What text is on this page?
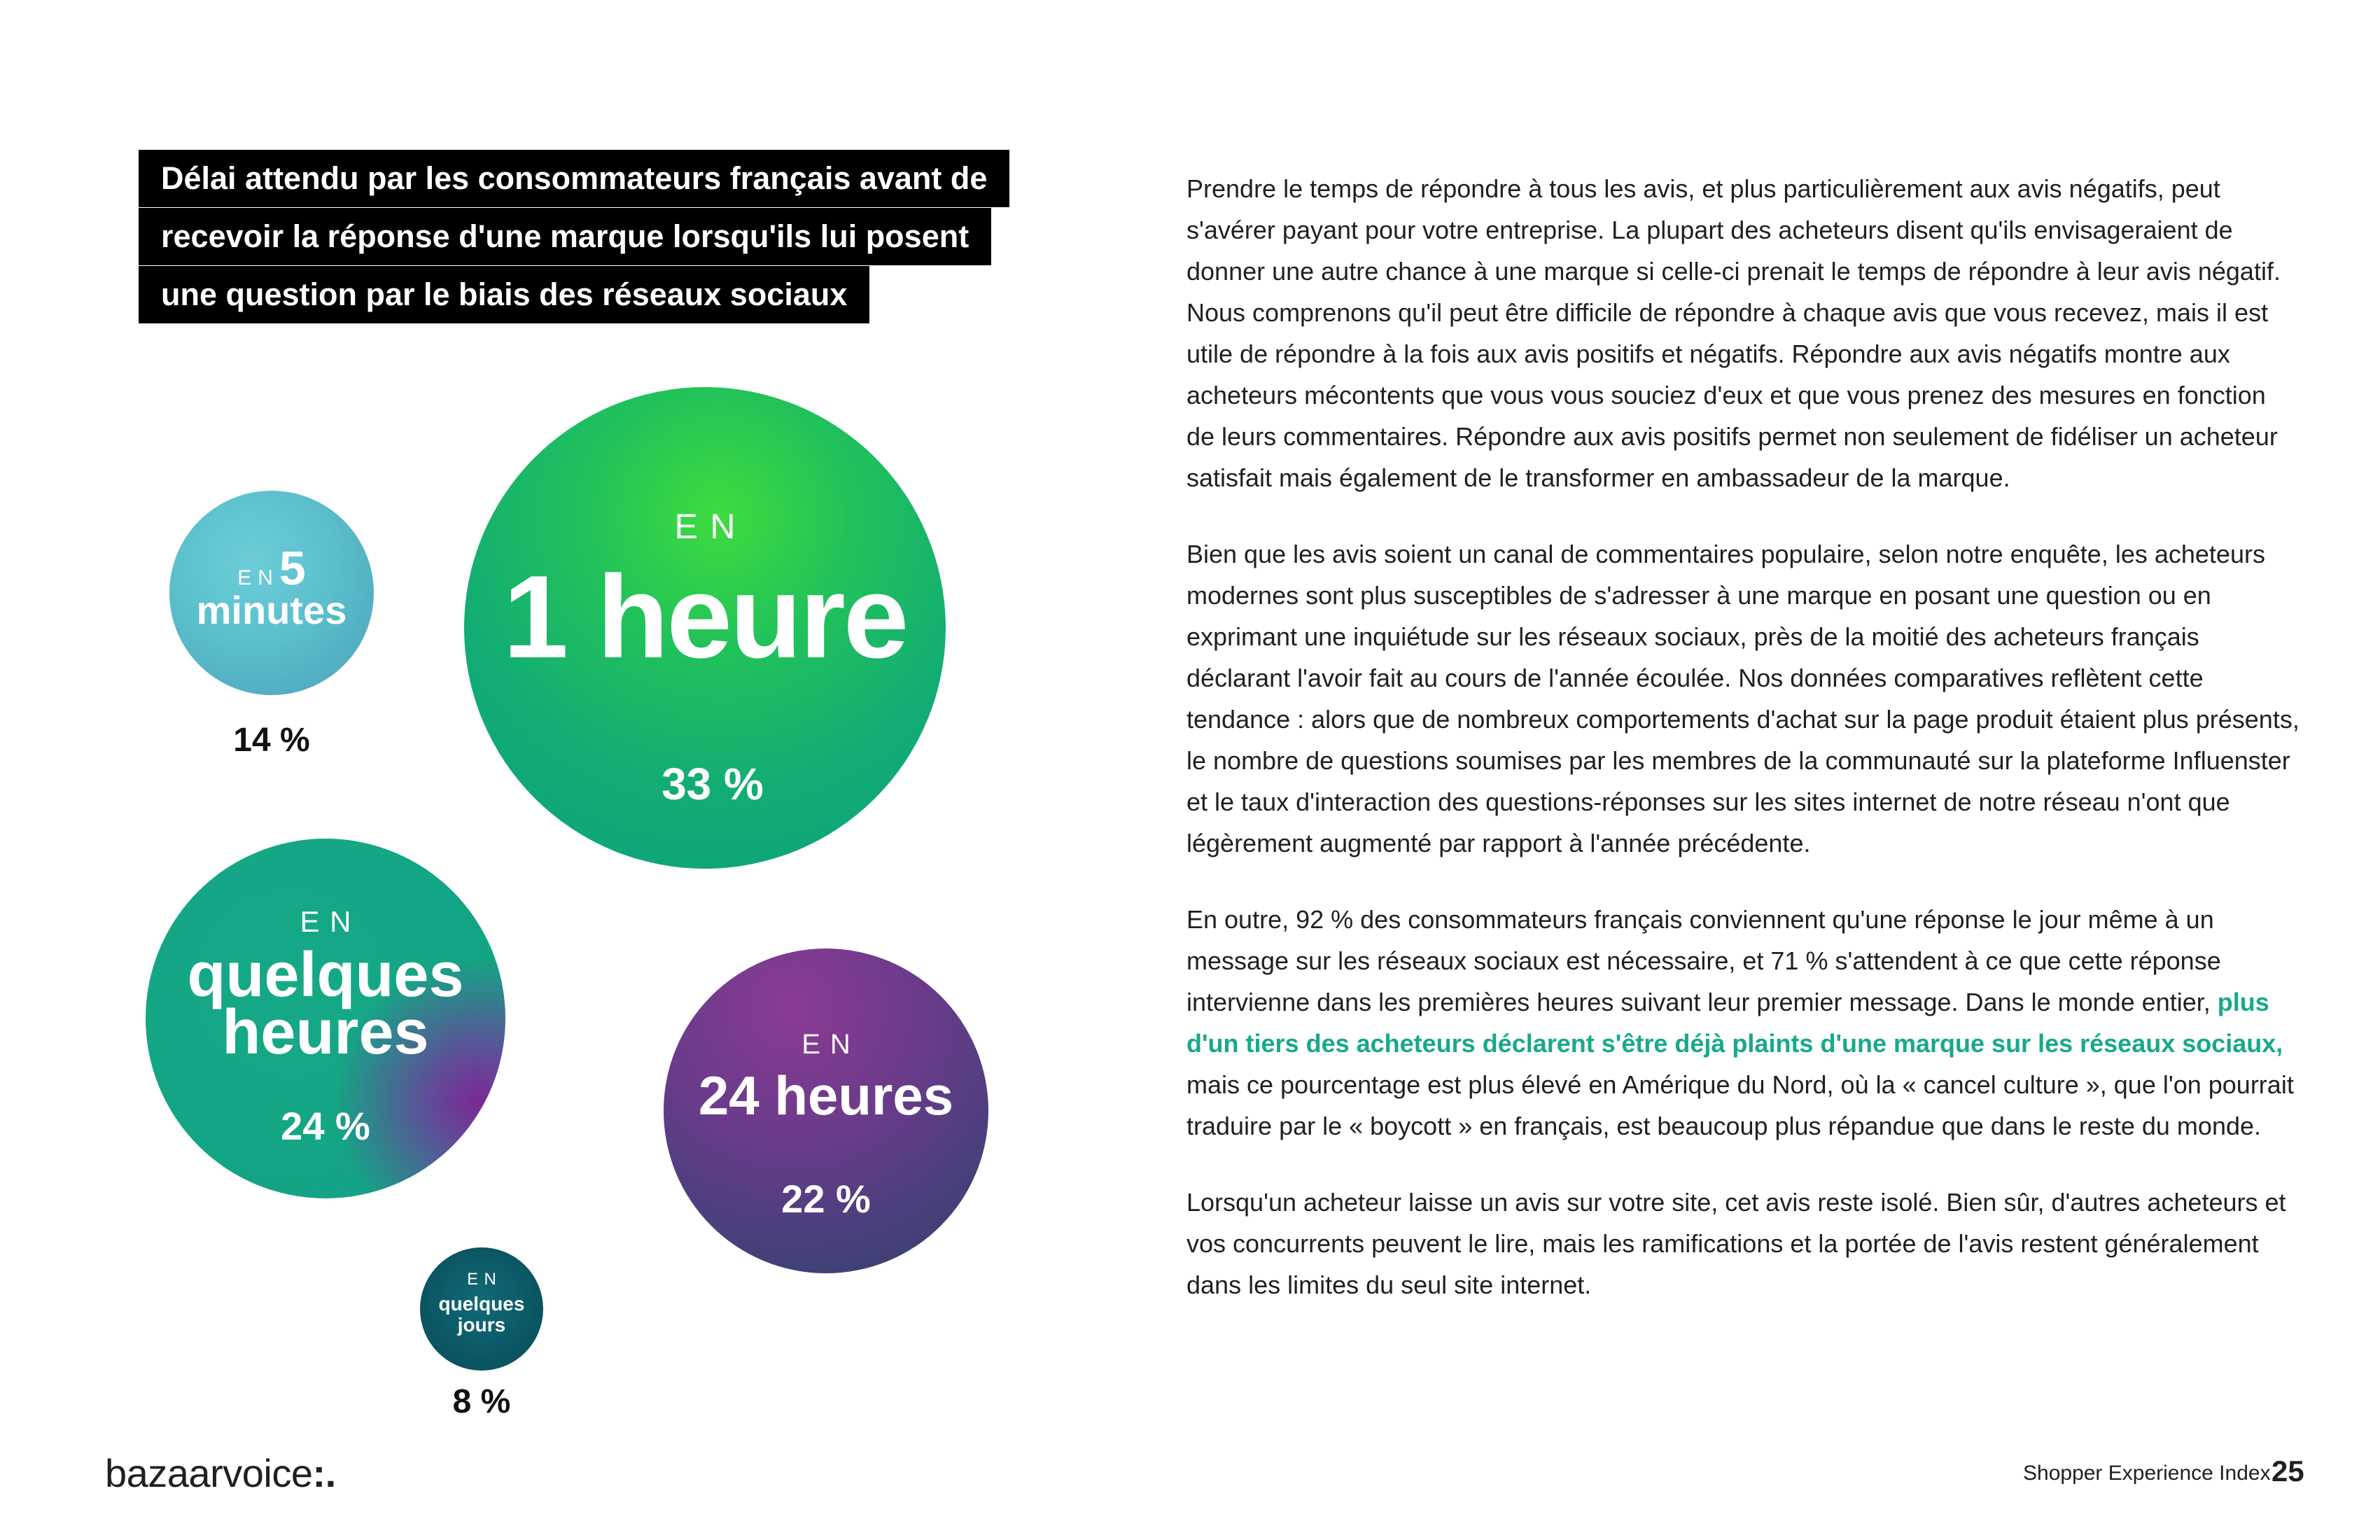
Délai attendu par les consommateurs français avant de
recevoir la réponse d'une marque lorsqu'ils lui posent
une question par le biais des réseaux sociaux
EN
1 heure
33 %
EN5
minutes
14 %
EN
quelques
heures
24 %
EN
24 heures
22 %
EN
quelques
jours
8 %

Prendre le temps de répondre à tous les avis, et plus particulièrement aux avis négatifs, peut s'avérer payant pour votre entreprise. La plupart des acheteurs disent qu'ils envisageraient de donner une autre chance à une marque si celle-ci prenait le temps de répondre à leur avis négatif. Nous comprenons qu'il peut être difficile de répondre à chaque avis que vous recevez, mais il est utile de répondre à la fois aux avis positifs et négatifs. Répondre aux avis négatifs montre aux acheteurs mécontents que vous vous souciez d'eux et que vous prenez des mesures en fonction de leurs commentaires. Répondre aux avis positifs permet non seulement de fidéliser un acheteur satisfait mais également de le transformer en ambassadeur de la marque.

Bien que les avis soient un canal de commentaires populaire, selon notre enquête, les acheteurs modernes sont plus susceptibles de s'adresser à une marque en posant une question ou en exprimant une inquiétude sur les réseaux sociaux, près de la moitié des acheteurs français déclarant l'avoir fait au cours de l'année écoulée. Nos données comparatives reflètent cette tendance : alors que de nombreux comportements d'achat sur la page produit étaient plus présents, le nombre de questions soumises par les membres de la communauté sur la plateforme Influenster et le taux d'interaction des questions-réponses sur les sites internet de notre réseau n'ont que légèrement augmenté par rapport à l'année précédente.

En outre, 92 % des consommateurs français conviennent qu'une réponse le jour même à un message sur les réseaux sociaux est nécessaire, et 71 % s'attendent à ce que cette réponse intervienne dans les premières heures suivant leur premier message. Dans le monde entier, plus d'un tiers des acheteurs déclarent s'être déjà plaints d'une marque sur les réseaux sociaux, mais ce pourcentage est plus élevé en Amérique du Nord, où la « cancel culture », que l'on pourrait traduire par le « boycott » en français, est beaucoup plus répandue que dans le reste du monde.

Lorsqu'un acheteur laisse un avis sur votre site, cet avis reste isolé. Bien sûr, d'autres acheteurs et vos concurrents peuvent le lire, mais les ramifications et la portée de l'avis restent généralement dans les limites du seul site internet.

bazaarvoice:.	Shopper Experience Index 25
